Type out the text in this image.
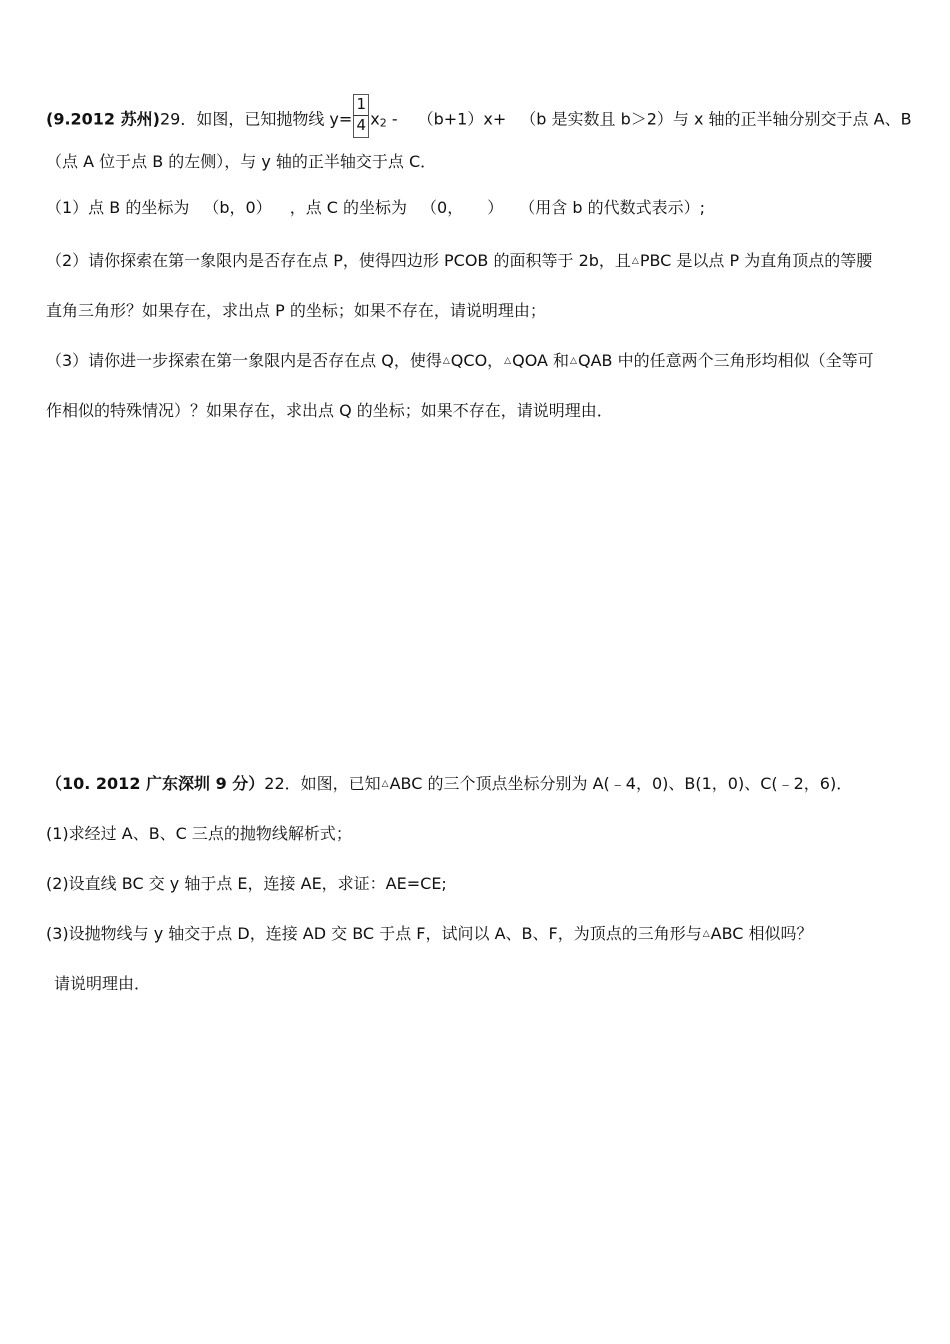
(9.2012 苏州)29．如图，已知抛物线 $y= \frac{1}{4} x2 - (b+1)x+ (b$ 是实数且 b＞2）与 x 轴的正半轴分别交于点 A、B
（点 A 位于点 B 的左侧），与 y 轴的正半轴交于点 C．
（1）点 B 的坐标为 （b，0） ，点 C 的坐标为 （0， ） （用含 b 的代数式表示）;
（2）请你探索在第一象限内是否存在点 P，使得四边形 PCOB 的面积等于 2b，且△PBC 是以点 P 为直角顶点的等腰
直角三角形？如果存在，求出点 P 的坐标；如果不存在，请说明理由；
（3）请你进一步探索在第一象限内是否存在点 Q，使得△QCO，△QOA 和△QAB 中的任意两个三角形均相似（全等可
作相似的特殊情况）？如果存在，求出点 Q 的坐标；如果不存在，请说明理由．
（10. 2012 广东深圳 9 分）22．如图，已知△ABC 的三个顶点坐标分别为 A(﹣4，0)、B(1，0)、C(﹣2，6)．
(1)求经过 A、B、C 三点的抛物线解析式；
(2)设直线 BC 交 y 轴于点 E，连接 AE，求证：AE=CE;
(3)设抛物线与 y 轴交于点 D，连接 AD 交 BC 于点 F，试问以 A、B、F，为顶点的三角形与△ABC 相似吗？
请说明理由．
